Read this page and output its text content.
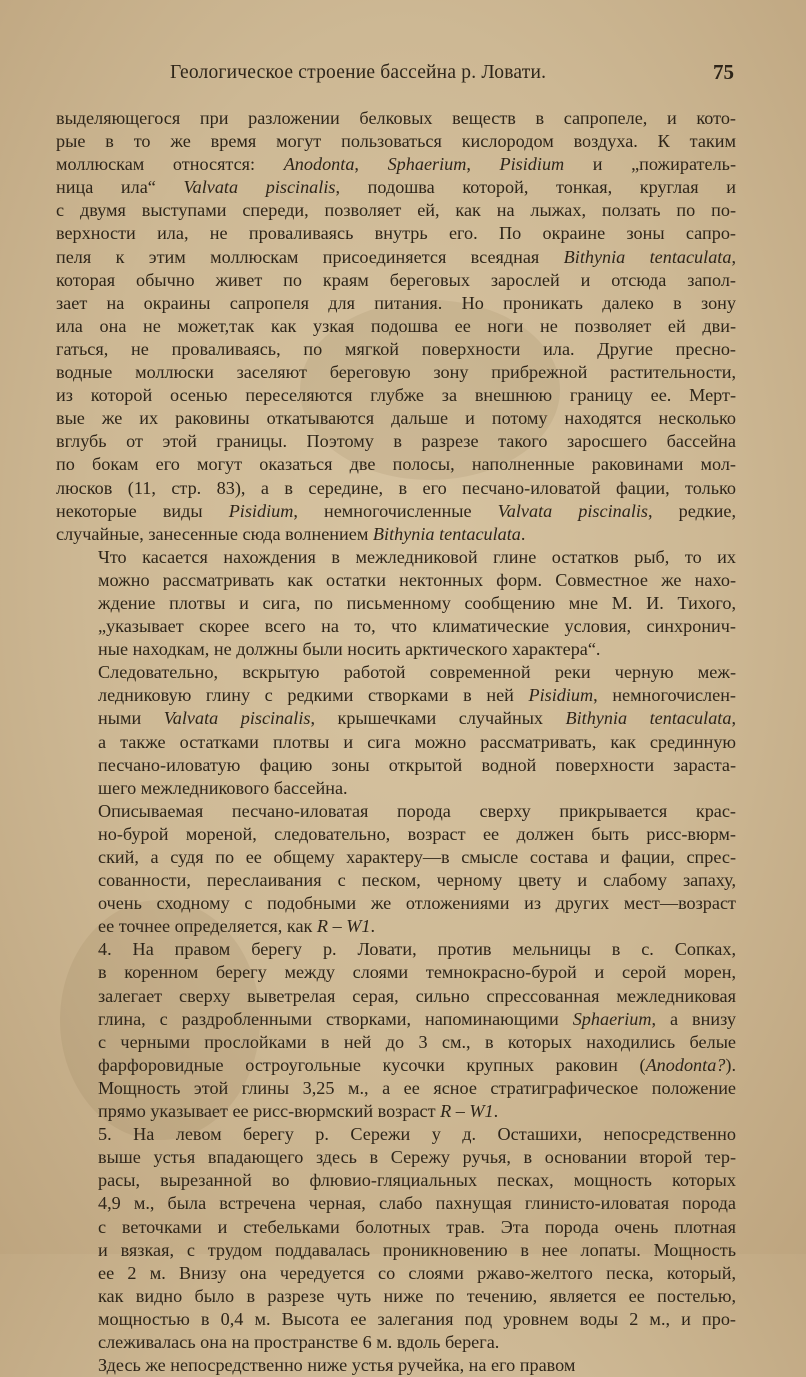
Геологическое строение бассейна р. Ловати.	75

выделяющегося при разложении белковых веществ в сапропеле, и кото-
рые в то же время могут пользоваться кислородом воздуха. К таким
моллюскам относятся: Anodonta, Sphaerium, Pisidium и „пожиратель-
ница ила“ Valvata piscinalis, подошва которой, тонкая, круглая и
с двумя выступами спереди, позволяет ей, как на лыжах, ползать по по-
верхности ила, не проваливаясь внутрь его. По окраине зоны сапро-
пеля к этим моллюскам присоединяется всеядная Bithynia tentaculata,
которая обычно живет по краям береговых зарослей и отсюда запол-
зает на окраины сапропеля для питания. Но проникать далеко в зону
ила она не может,так как узкая подошва ее ноги не позволяет ей дви-
гаться, не проваливаясь, по мягкой поверхности ила. Другие пресно-
водные моллюски заселяют береговую зону прибрежной растительности,
из которой осенью переселяются глубже за внешнюю границу ее. Мерт-
вые же их раковины откатываются дальше и потому находятся несколько
вглубь от этой границы. Поэтому в разрезе такого заросшего бассейна
по бокам его могут оказаться две полосы, наполненные раковинами мол-
люсков (11, стр. 83), а в середине, в его песчано-иловатой фации, только
некоторые виды Pisidium, немногочисленные Valvata piscinalis, редкие,
случайные, занесенные сюда волнением Bithynia tentaculata.

Что касается нахождения в межледниковой глине остатков рыб, то их
можно рассматривать как остатки нектонных форм. Совместное же нахо-
ждение плотвы и сига, по письменному сообщению мне М. И. Тихого,
„указывает скорее всего на то, что климатические условия, синхронич-
ные находкам, не должны были носить арктического характера“.

Следовательно, вскрытую работой современной реки черную меж-
ледниковую глину с редкими створками в ней Pisidium, немногочислен-
ными Valvata piscinalis, крышечками случайных Bithynia tentaculata,
а также остатками плотвы и сига можно рассматривать, как срединную
песчано-иловатую фацию зоны открытой водной поверхности зараста-
шего межледникового бассейна.

Описываемая песчано-иловатая порода сверху прикрывается крас-
но-бурой мореной, следовательно, возраст ее должен быть рисс-вюрм-
ский, а судя по ее общему характеру—в смысле состава и фации, спрес-
сованности, переслаивания с песком, черному цвету и слабому запаху,
очень сходному с подобными же отложениями из других мест—возраст
ее точнее определяется, как R – W1.

4. На правом берегу р. Ловати, против мельницы в с. Сопках,
в коренном берегу между слоями темнокрасно-бурой и серой морен,
залегает сверху выветрелая серая, сильно спрессованная межледниковая
глина, с раздробленными створками, напоминающими Sphaerium, а внизу
с черными прослойками в ней до 3 см., в которых находились белые
фарфоровидные остроугольные кусочки крупных раковин (Anodonta?).
Мощность этой глины 3,25 м., а ее ясное стратиграфическое положение
прямо указывает ее рисс-вюрмский возраст R – W1.

5. На левом берегу р. Сережи у д. Осташихи, непосредственно
выше устья впадающего здесь в Сережу ручья, в основании второй тер-
расы, вырезанной во флювио-гляциальных песках, мощность которых
4,9 м., была встречена черная, слабо пахнущая глинисто-иловатая порода
с веточками и стебельками болотных трав. Эта порода очень плотная
и вязкая, с трудом поддавалась проникновению в нее лопаты. Мощность
ее 2 м. Внизу она чередуется со слоями ржаво-желтого песка, который,
как видно было в разрезе чуть ниже по течению, является ее постелью,
мощностью в 0,4 м. Высота ее залегания под уровнем воды 2 м., и про-
слеживалась она на пространстве 6 м. вдоль берега.

Здесь же непосредственно ниже устья ручейка, на его правом
